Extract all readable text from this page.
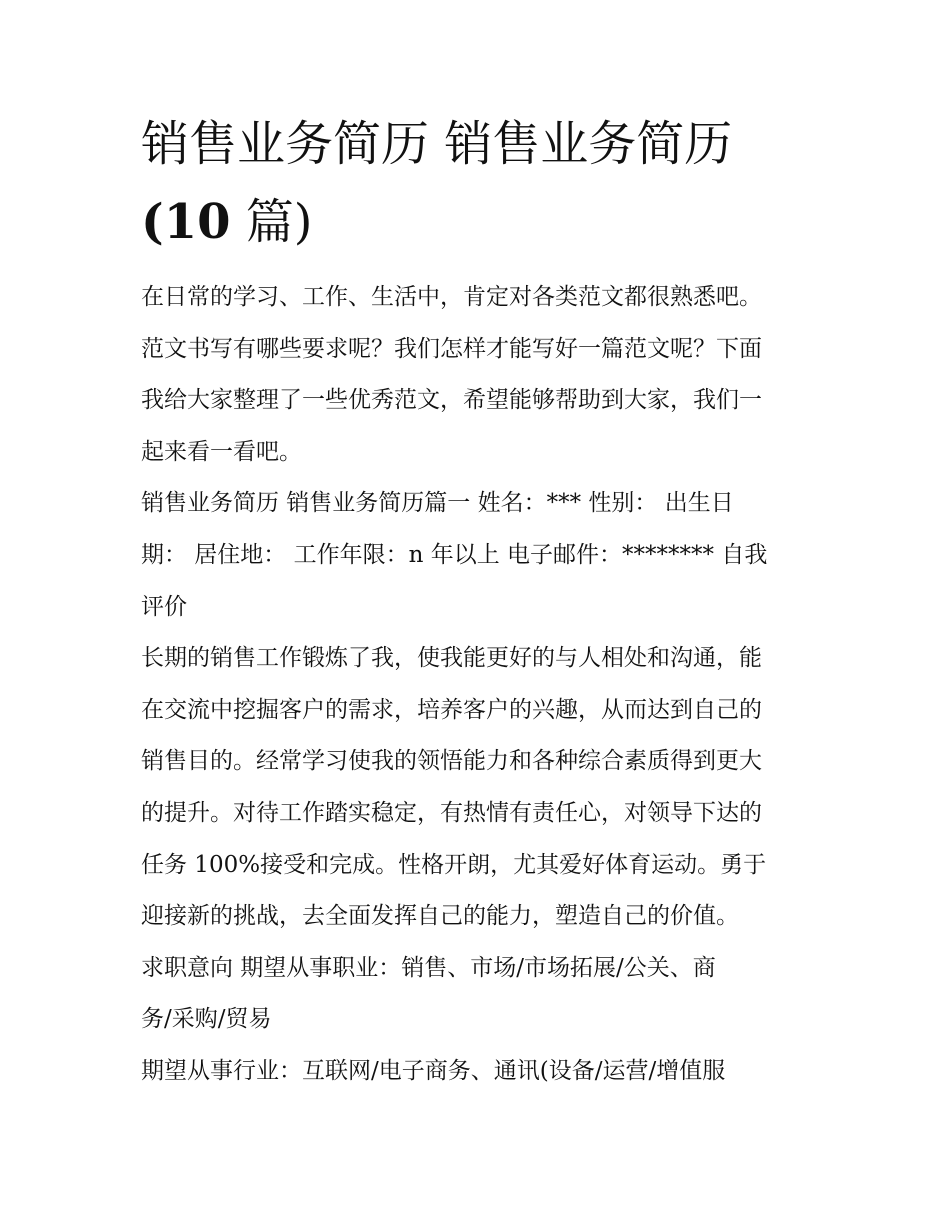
销售业务简历 销售业务简历
(10 篇)

在日常的学习、工作、生活中，肯定对各类范文都很熟悉吧。
范文书写有哪些要求呢？我们怎样才能写好一篇范文呢？下面
我给大家整理了一些优秀范文，希望能够帮助到大家，我们一
起来看一看吧。

销售业务简历 销售业务简历篇一 姓名：*** 性别： 出生日
期： 居住地： 工作年限：n 年以上 电子邮件：******** 自我
评价

长期的销售工作锻炼了我，使我能更好的与人相处和沟通，能
在交流中挖掘客户的需求，培养客户的兴趣，从而达到自己的
销售目的。经常学习使我的领悟能力和各种综合素质得到更大
的提升。对待工作踏实稳定，有热情有责任心，对领导下达的
任务 100%接受和完成。性格开朗，尤其爱好体育运动。勇于
迎接新的挑战，去全面发挥自己的能力，塑造自己的价值。

求职意向 期望从事职业：销售、市场/市场拓展/公关、商
务/采购/贸易

期望从事行业：互联网/电子商务、通讯(设备/运营/增值服
